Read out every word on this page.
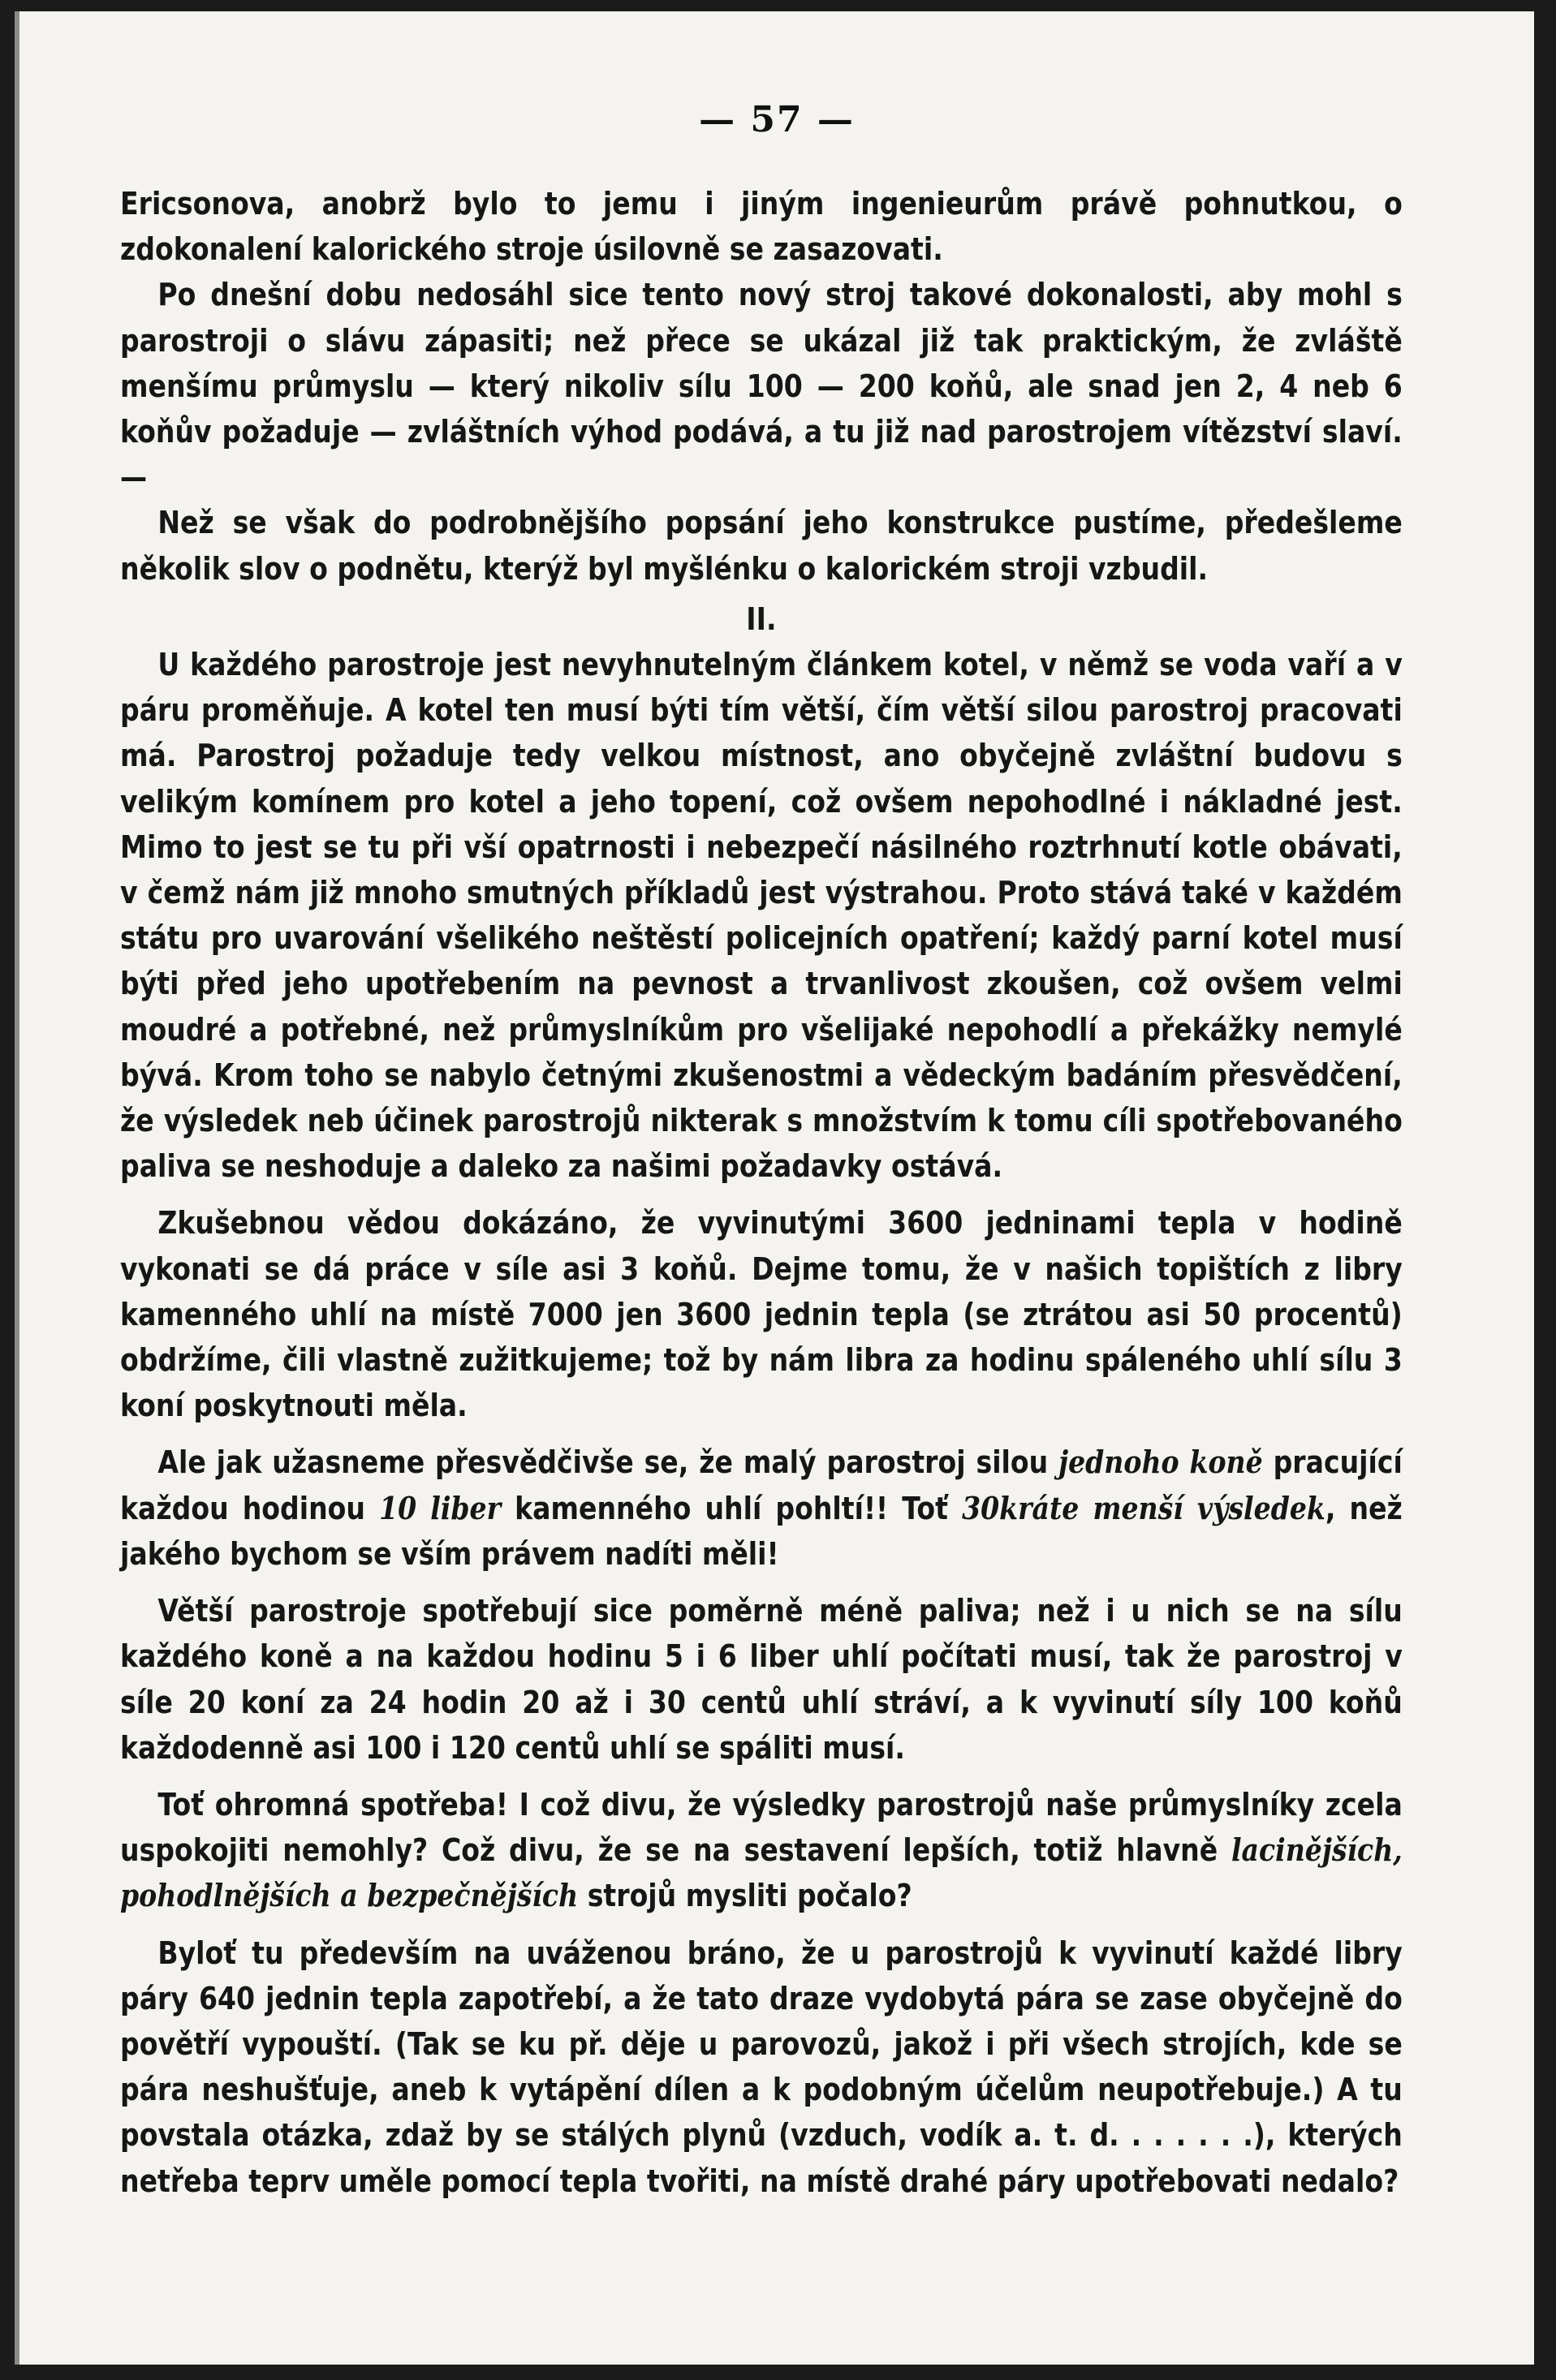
— 57 —

Ericsonova, anobrž bylo to jemu i jiným ingenieurům právě pohnutkou, o zdokonalení kalorického stroje úsilovně se zasazovati.

Po dnešní dobu nedosáhl sice tento nový stroj takové dokonalosti, aby mohl s parostroji o slávu zápasiti; než přece se ukázal již tak praktickým, že zvláště menšímu průmyslu — který nikoliv sílu 100 — 200 koňů, ale snad jen 2, 4 neb 6 koňův požaduje — zvláštních výhod podává, a tu již nad parostrojem vítězství slaví. —

Než se však do podrobnějšího popsání jeho konstrukce pustíme, předešleme několik slov o podnětu, kterýž byl myšlénku o kalorickém stroji vzbudil.

II.

U každého parostroje jest nevyhnutelným článkem kotel, v němž se voda vaří a v páru proměňuje. A kotel ten musí býti tím větší, čím větší silou parostroj pracovati má. Parostroj požaduje tedy velkou místnost, ano obyčejně zvláštní budovu s velikým komínem pro kotel a jeho topení, což ovšem nepohodlné i nákladné jest. Mimo to jest se tu při vší opatrnosti i nebezpečí násilného roztrhnutí kotle obávati, v čemž nám již mnoho smutných příkladů jest výstrahou. Proto stává také v každém státu pro uvarování všelikého neštěstí policejních opatření; každý parní kotel musí býti před jeho upotřebením na pevnost a trvanlivost zkoušen, což ovšem velmi moudré a potřebné, než průmyslníkům pro všelijaké nepohodlí a překážky nemylé bývá. Krom toho se nabylo četnými zkušenostmi a vědeckým badáním přesvědčení, že výsledek neb účinek parostrojů nikterak s množstvím k tomu cíli spotřebovaného paliva se neshoduje a daleko za našimi požadavky ostává.

Zkušebnou vědou dokázáno, že vyvinutými 3600 jedninami tepla v hodině vykonati se dá práce v síle asi 3 koňů. Dejme tomu, že v našich topištích z libry kamenného uhlí na místě 7000 jen 3600 jednin tepla (se ztrátou asi 50 procentů) obdržíme, čili vlastně zužitkujeme; tož by nám libra za hodinu spáleného uhlí sílu 3 koní poskytnouti měla.

Ale jak užasneme přesvědčivše se, že malý parostroj silou jednoho koně pracující každou hodinou 10 liber kamenného uhlí pohltí!! Toť 30kráte menší výsledek, než jakého bychom se vším právem nadíti měli!

Větší parostroje spotřebují sice poměrně méně paliva; než i u nich se na sílu každého koně a na každou hodinu 5 i 6 liber uhlí počítati musí, tak že parostroj v síle 20 koní za 24 hodin 20 až i 30 centů uhlí stráví, a k vyvinutí síly 100 koňů každodenně asi 100 i 120 centů uhlí se spáliti musí.

Toť ohromná spotřeba! I což divu, že výsledky parostrojů naše průmyslníky zcela uspokojiti nemohly? Což divu, že se na sestavení lepších, totiž hlavně lacinějších, pohodlnějších a bezpečnějších strojů mysliti počalo?

Byloť tu především na uváženou bráno, že u parostrojů k vyvinutí každé libry páry 640 jednin tepla zapotřebí, a že tato draze vydobytá pára se zase obyčejně do povětří vypouští. (Tak se ku př. děje u parovozů, jakož i při všech strojích, kde se pára neshušťuje, aneb k vytápění dílen a k podobným účelům neupotřebuje.) A tu povstala otázka, zdaž by se stálých plynů (vzduch, vodík a. t. d. . . . . . .), kterých netřeba teprv uměle pomocí tepla tvořiti, na místě drahé páry upotřebovati nedalo?
